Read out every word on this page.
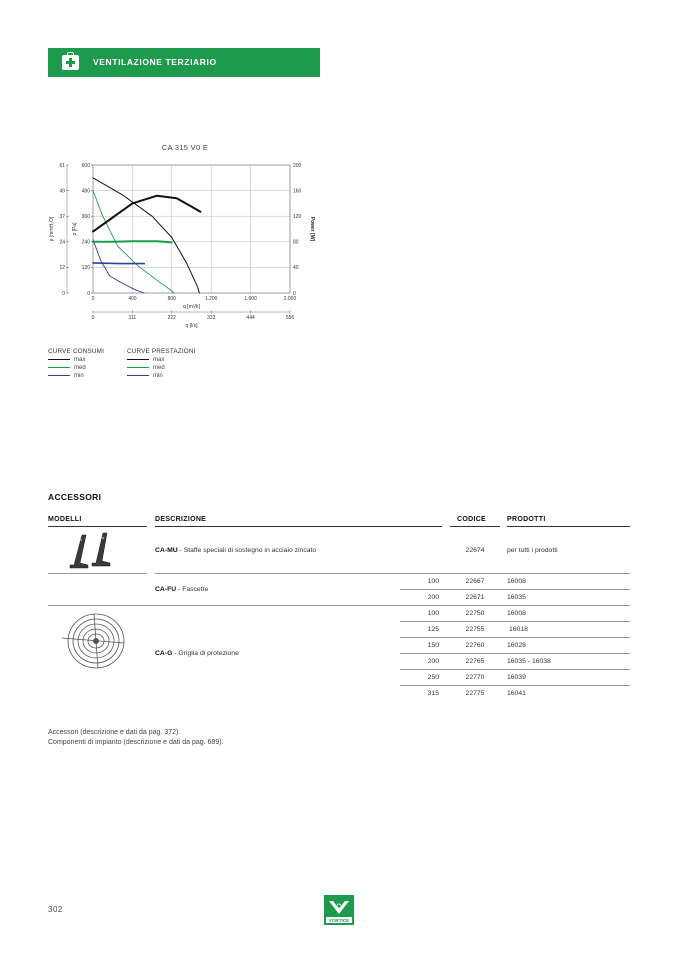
VENTILAZIONE TERZIARIO
CA 315 V0 E
0
120
240
360
480
600
0
12
24
37
49
61
0
40
80
120
160
200
0	400	800	1.200	1.600	2.000
q [m³/h]
0	111	222	333	444	556
q [l/s]
p [mmH₂O]	p [Pa]	Power [W]
CURVE CONSUMI
max
med
min
CURVE PRESTAZIONI
max
med
min
ACCESSORI
MODELLI	DESCRIZIONE	CODICE	PRODOTTI
CA-MU - Staffe speciali di sostegno in acciaio zincato	22674	per tutti i prodotti
CA-FU - Fascette
100	22667	16008
200	22671	16035
CA-G - Griglia di protezione
100	22750	16008
125	22755	16018
150	22760	16028
200	22765	16035 - 16038
250	22770	16039
315	22775	16041
Accessori (descrizione e dati da pag. 372).
Componenti di impianto (descrizione e dati da pag. 689).
302
VORTICE
